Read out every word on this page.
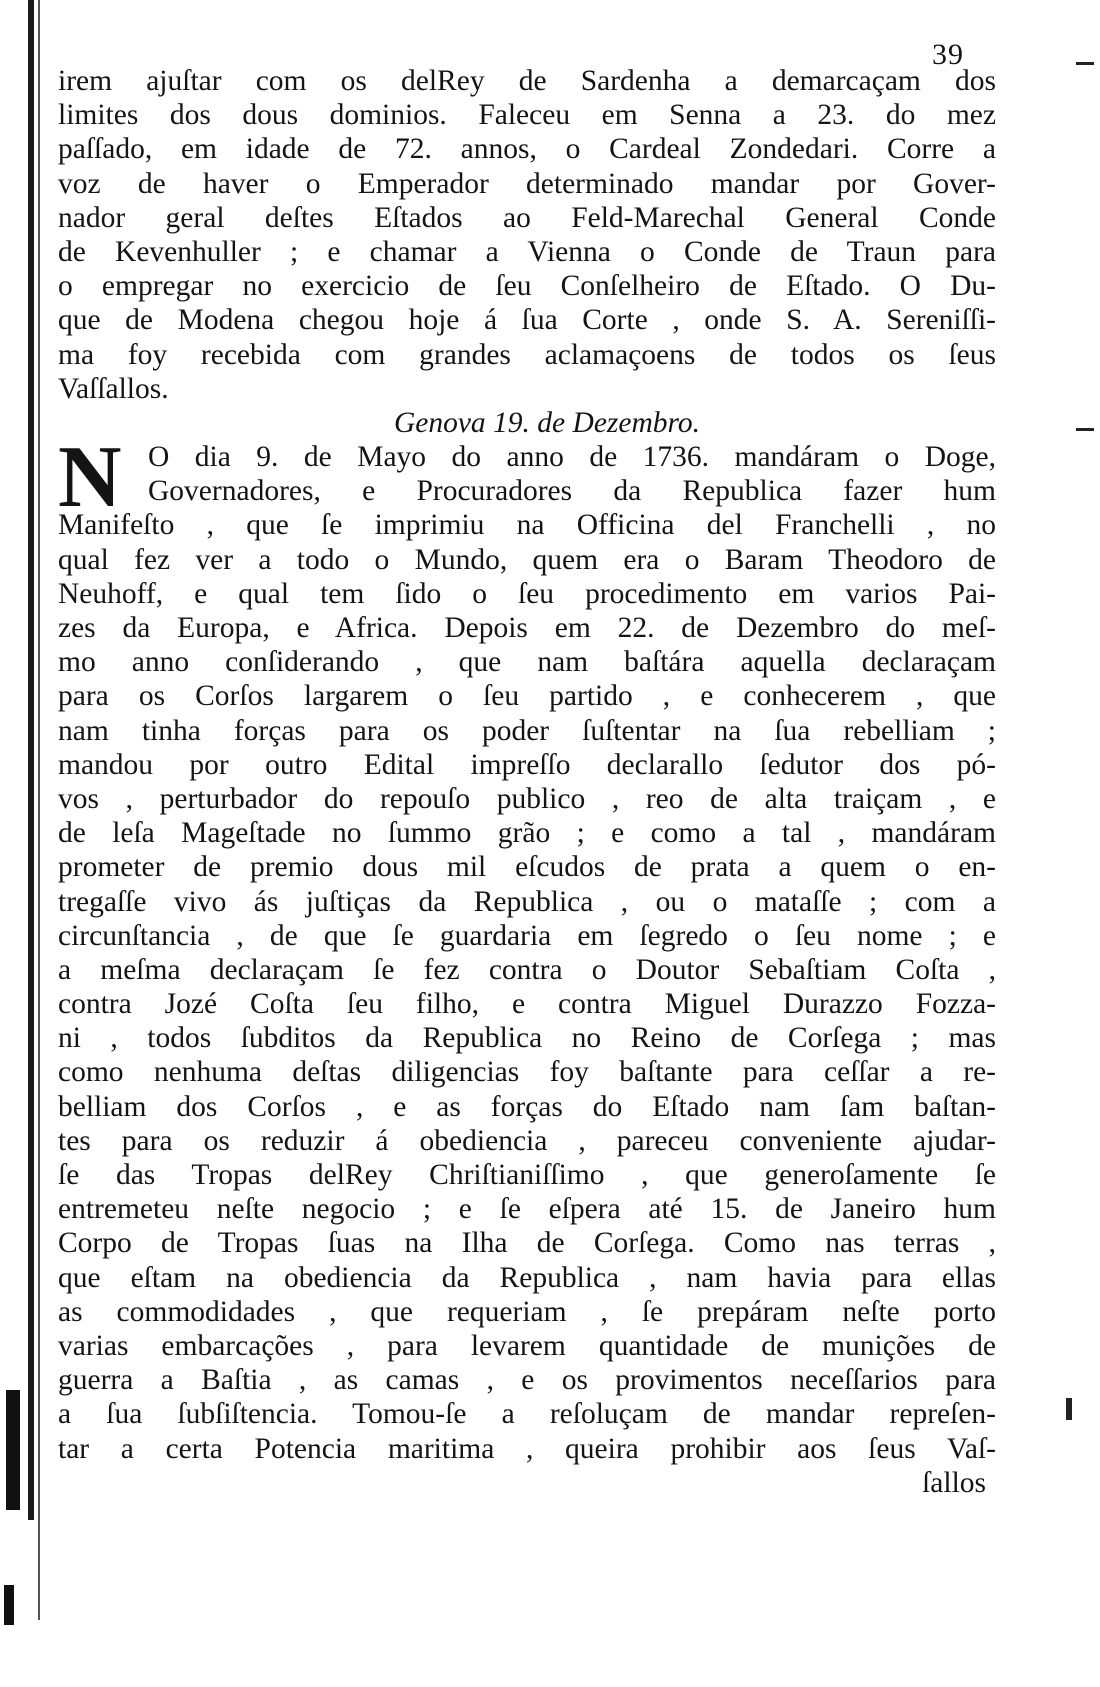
39
irem ajuſtar com os delRey de Sardenha a demarcaçam dos
limites dos dous dominios. Faleceu em Senna a 23. do mez
paſſado, em idade de 72. annos, o Cardeal Zondedari. Corre a
voz de haver o Emperador determinado mandar por Gover-
nador geral deſtes Eſtados ao Feld-Marechal General Conde
de Kevenhuller ; e chamar a Vienna o Conde de Traun para
o empregar no exercicio de ſeu Conſelheiro de Eſtado. O Du-
que de Modena chegou hoje á ſua Corte , onde S. A. Sereniſſi-
ma foy recebida com grandes aclamaçoens de todos os ſeus
Vaſſallos.
Genova 19. de Dezembro.
N O dia 9. de Mayo do anno de 1736. mandáram o Doge,
Governadores, e Procuradores da Republica fazer hum
Manifeſto , que ſe imprimiu na Officina del Franchelli , no
qual fez ver a todo o Mundo, quem era o Baram Theodoro de
Neuhoff, e qual tem ſido o ſeu procedimento em varios Pai-
zes da Europa, e Africa. Depois em 22. de Dezembro do meſ-
mo anno conſiderando , que nam baſtára aquella declaraçam
para os Corſos largarem o ſeu partido , e conhecerem , que
nam tinha forças para os poder ſuſtentar na ſua rebelliam ;
mandou por outro Edital impreſſo declarallo ſedutor dos pó-
vos , perturbador do repouſo publico , reo de alta traiçam , e
de leſa Mageſtade no ſummo grão ; e como a tal , mandáram
prometer de premio dous mil eſcudos de prata a quem o en-
tregaſſe vivo ás juſtiças da Republica , ou o mataſſe ; com a
circunſtancia , de que ſe guardaria em ſegredo o ſeu nome ; e
a meſma declaraçam ſe fez contra o Doutor Sebaſtiam Coſta ,
contra Jozé Coſta ſeu filho, e contra Miguel Durazzo Fozza-
ni , todos ſubditos da Republica no Reino de Corſega ; mas
como nenhuma deſtas diligencias foy baſtante para ceſſar a re-
belliam dos Corſos , e as forças do Eſtado nam ſam baſtan-
tes para os reduzir á obediencia , pareceu conveniente ajudar-
ſe das Tropas delRey Chriſtianiſſimo , que generoſamente ſe
entremeteu neſte negocio ; e ſe eſpera até 15. de Janeiro hum
Corpo de Tropas ſuas na Ilha de Corſega. Como nas terras ,
que eſtam na obediencia da Republica , nam havia para ellas
as commodidades , que requeriam , ſe prepáram neſte porto
varias embarcações , para levarem quantidade de munições de
guerra a Baſtia , as camas , e os provimentos neceſſarios para
a ſua ſubſiſtencia. Tomou-ſe a reſoluçam de mandar repreſen-
tar a certa Potencia maritima , queira prohibir aos ſeus Vaſ-
ſallos
